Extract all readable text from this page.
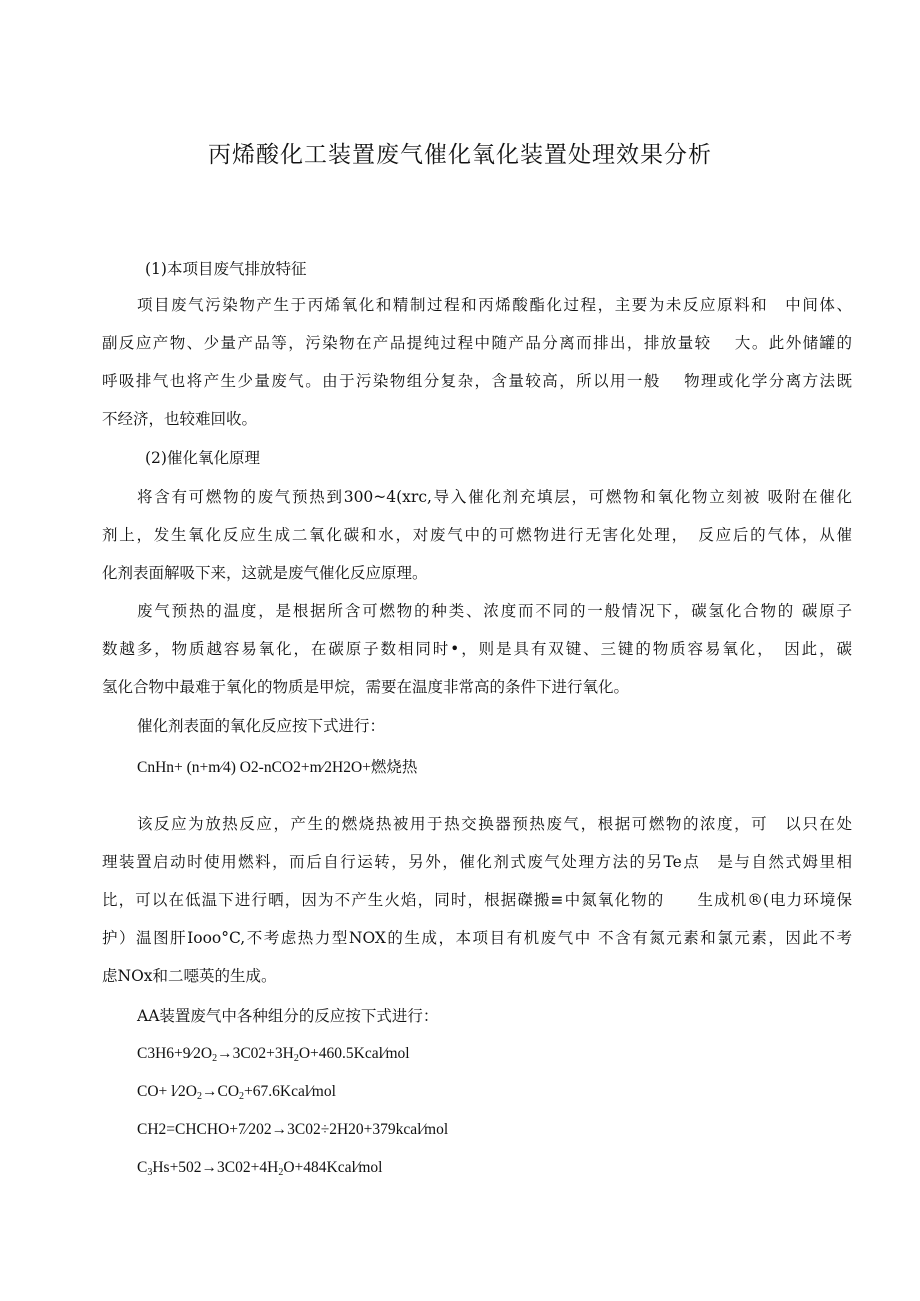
丙烯酸化工装置废气催化氧化装置处理效果分析
(1)本项目废气排放特征
项目废气污染物产生于丙烯氧化和精制过程和丙烯酸酯化过程，主要为未反应原料和　中间体、
副反应产物、少量产品等，污染物在产品提纯过程中随产品分离而排出，排放量较　 大。此外储罐的
呼吸排气也将产生少量废气。由于污染物组分复杂，含量较高，所以用一般　 物理或化学分离方法既
不经济，也较难回收。
(2)催化氧化原理
将含有可燃物的废气预热到300~4(xrc,导入催化剂充填层，可燃物和氧化物立刻被 吸附在催化
剂上，发生氧化反应生成二氧化碳和水，对废气中的可燃物进行无害化处理，　反应后的气体，从催
化剂表面解吸下来，这就是废气催化反应原理。
废气预热的温度，是根据所含可燃物的种类、浓度而不同的一般情况下，碳氢化合物的 碳原子
数越多，物质越容易氧化，在碳原子数相同时•，则是具有双键、三键的物质容易氧化，　因此，碳
氢化合物中最难于氧化的物质是甲烷，需要在温度非常高的条件下进行氧化。
催化剂表面的氧化反应按下式进行：
CnHn+ (n+m⁄4) O2-nCO2+m⁄2H2O+燃烧热
该反应为放热反应，产生的燃烧热被用于热交换器预热废气，根据可燃物的浓度，可　以只在处
理装置启动时使用燃料，而后自行运转，另外，催化剂式废气处理方法的另Te点　是与自然式姆里相
比，可以在低温下进行晒，因为不产生火焰，同时，根据磔搬≡中氮氧化物的　　生成机®(电力环境保
护）温图肝Iooo°C,不考虑热力型NOX的生成，本项目有机废气中 不含有氮元素和氯元素，因此不考
虑NOx和二噁英的生成。
AA装置废气中各种组分的反应按下式进行：
$C3H6+9⁄2O_2\to 3C02+3H_2O+460.5Kcal⁄mol$
$CO+ l⁄2O_2\to CO_2+67.6Kcal⁄mol$
CH2=CHCHO+7⁄202→3C02÷2H20+379kcal⁄mol
$C_3Hs+502\to 3C02+4H_2O+484Kcal⁄mol$
